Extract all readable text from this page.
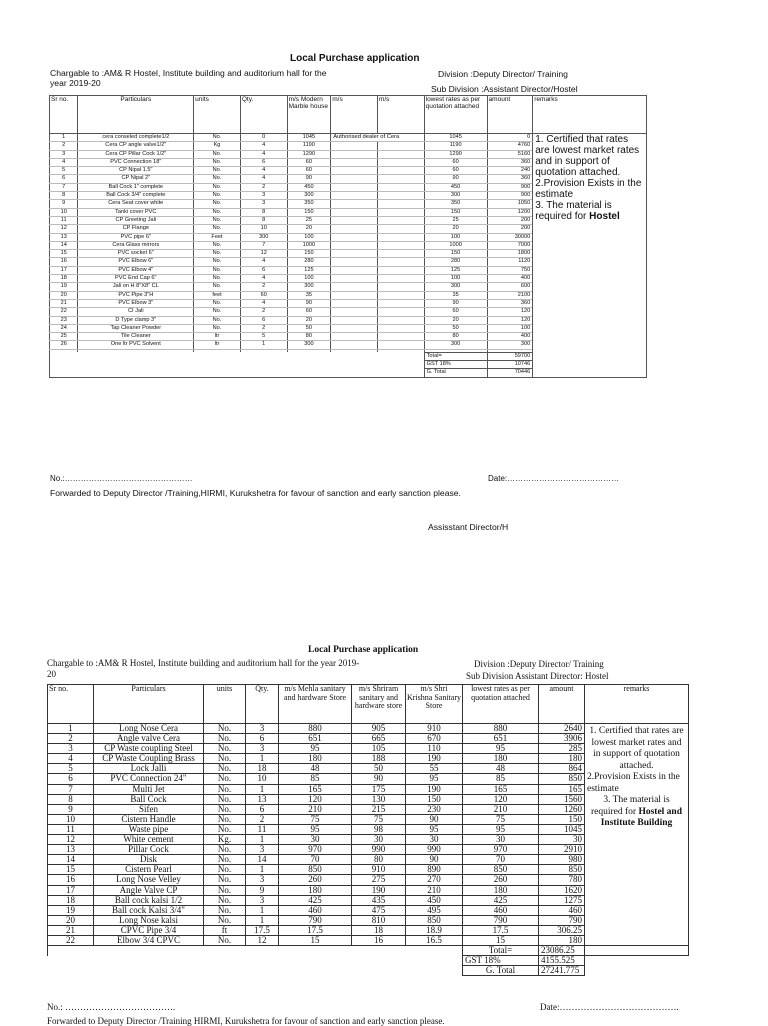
Local Purchase application
Chargable to :AM& R Hostel, Institute building and auditorium hall for the
year 2019-20
Division :Deputy Director/ Training
Sub Division :Assistant Director/Hostel
Sr no.	Particulars	units	Qty.	m/s Modern Marble house	m/s	m/s	lowest rates as per quotation attached	amount	remarks

1	cera conseled complete1/2	No.	0	1045	Authorised dealer of Cera		1045	0	1. Certified that rates are lowest market rates and in support of quotation attached.
2.Provision Exists in the estimate
3. The material is required for Hostel

2	Cera CP angle valve1/2"	Kg	4	1190			1190	4760	
3	Cera CP Pillar Cock 1/2"	No.	4	1290			1290	5160	
4	PVC Connection 18"	No.	6	60			60	360	
5	CP Nipal 1.5"	No.	4	60			60	240	
6	CP Nipal 2"	No.	4	90			90	360	
7	Ball Cock 1" complete	No.	2	450			450	900	
8	Ball Cock 3/4" complete	No.	3	300			300	900	
9	Cera Seat cover white	No.	3	350			350	1050	
10	Tanki cover PVC	No.	8	150			150	1200	
11	CP Greeting Jali	No.	8	25			25	200	
12	CP Flange	No.	10	20			20	200	
13	PVC pipe 6"	Feet	300	100			100	30000	
14	Cera Glass mirrors	No.	7	1000			1000	7000	
15	PVC socket 6"	No.	12	150			150	1800	
16	PVC Elbow 6"	No.	4	280			280	1120	
17	PVC Elbow 4"	No.	6	125			125	750	
18	PVC End Cap 6"	No.	4	100			100	400	
19	Jali on H 8"X8" CL	No.	2	300			300	600	
20	PVC Pipe 3"H	feet	60	35			35	2100	
21	PVC Elbow 3"	No.	4	90			90	360	
22	CI Jali	No.	2	60			60	120	
23	D Type clamp 3"	No.	6	20			20	120	
24	Tap Cleaner Powder	No.	2	50			50	100	
25	Tile Cleaner	ltr	5	80			80	400	
26	One ltr PVC Solvent	ltr	1	300			300	300	

							Total=	59700	
							GST 18%	10746	
							G. Total	70446	
No.:…………………………………………	Date:……………………………………
Forwarded to Deputy Director /Training,HIRMI, Kurukshetra for favour of sanction and early sanction please.
Assisstant Director/H
Local Purchase application
Chargable to :AM& R Hostel, Institute building and auditorium hall for the year 2019-
20
Division :Deputy Director/ Training
Sub Division Assistant Director: Hostel
Sr no.	Particulars	units	Qty.	m/s Mehla sanitary and hardware Store	m/s Shriram sanitary and hardware store	m/s Shri Krishna Sanitary Store	lowest rates as per quotation attached	amount	remarks
1	Long Nose Cera	No.	3	880	905	910	880	2640	1. Certified that rates are lowest market rates and in support of quotation attached.
2.Provision Exists in the estimate
3. The material is required for Hostel and Institute Building

2	Angle valve Cera	No.	6	651	665	670	651	3906	
3	CP Waste coupling Steel	No.	3	95	105	110	95	285	
4	CP Waste Coupling Brass	No.	1	180	188	190	180	180	
5	Lock Jalli	No.	18	48	50	55	48	864	
6	PVC Connection 24"	No.	10	85	90	95	85	850	
7	Multi Jet	No.	1	165	175	190	165	165	
8	Ball Cock	No.	13	120	130	150	120	1560	
9	Sifen	No.	6	210	215	230	210	1260	
10	Cistern Handle	No.	2	75	75	90	75	150	
11	Waste pipe	No.	11	95	98	95	95	1045	
12	White cement	Kg.	1	30	30	30	30	30	
13	Pillar Cock	No.	3	970	990	990	970	2910	
14	Disk	No.	14	70	80	90	70	980	
15	Cistern Pearl	No.	1	850	910	890	850	850	
16	Long Nose Velley	No.	3	260	275	270	260	780	
17	Angle Valve CP	No.	9	180	190	210	180	1620	
18	Ball cock kalsi 1/2	No.	3	425	435	450	425	1275	
19	Ball cock Kalsi 3/4"	No.	1	460	475	495	460	460	
20	Long Nose kalsi	No.	1	790	810	850	790	790	
21	CPVC Pipe 3/4	ft	17.5	17.5	18	18.9	17.5	306.25	
22	Elbow 3/4 CPVC	No.	12	15	16	16.5	15	180	
							Total=	23086.25	
							GST 18%	4155.525	
							G. Total	27241.775	
No.: ……………………………….	Date:………………………………….
Forwarded to Deputy Director /Training HIRMI, Kurukshetra for favour of sanction and early sanction please.
